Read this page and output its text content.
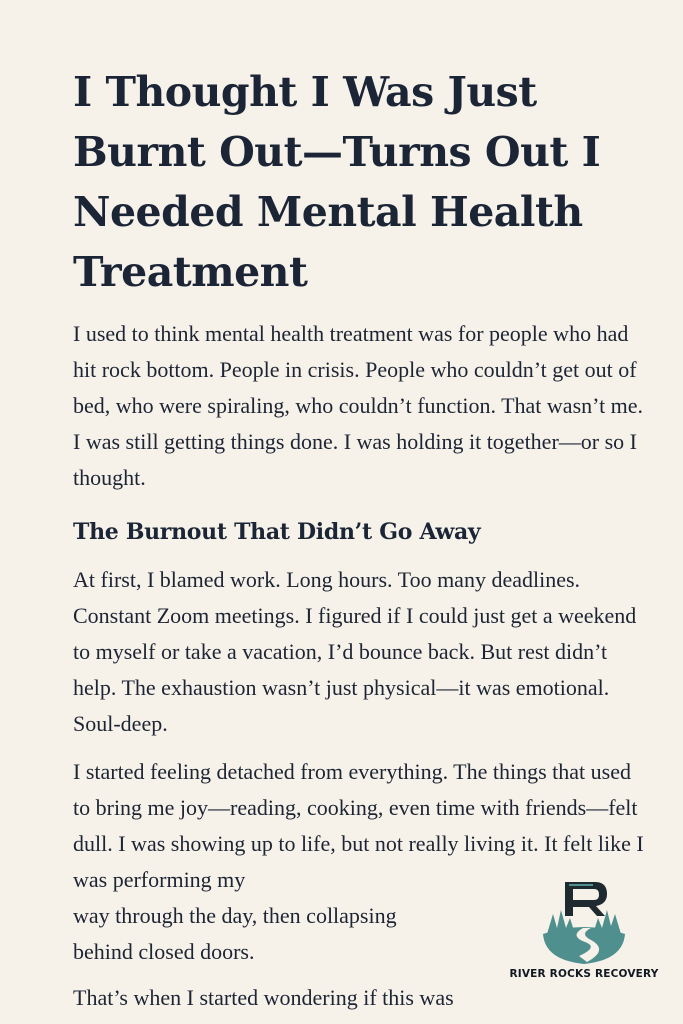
I Thought I Was Just Burnt Out—Turns Out I Needed Mental Health Treatment

I used to think mental health treatment was for people who had hit rock bottom. People in crisis. People who couldn’t get out of bed, who were spiraling, who couldn’t function. That wasn’t me. I was still getting things done. I was holding it together—or so I thought.

The Burnout That Didn’t Go Away

At first, I blamed work. Long hours. Too many deadlines. Constant Zoom meetings. I figured if I could just get a weekend to myself or take a vacation, I’d bounce back. But rest didn’t help. The exhaustion wasn’t just physical—it was emotional. Soul-deep.

I started feeling detached from everything. The things that used to bring me joy—reading, cooking, even time with friends—felt dull. I was showing up to life, but not really living it. It felt like I was performing my
way through the day, then collapsing
behind closed doors.

That’s when I started wondering if this was

RIVER ROCKS RECOVERY
